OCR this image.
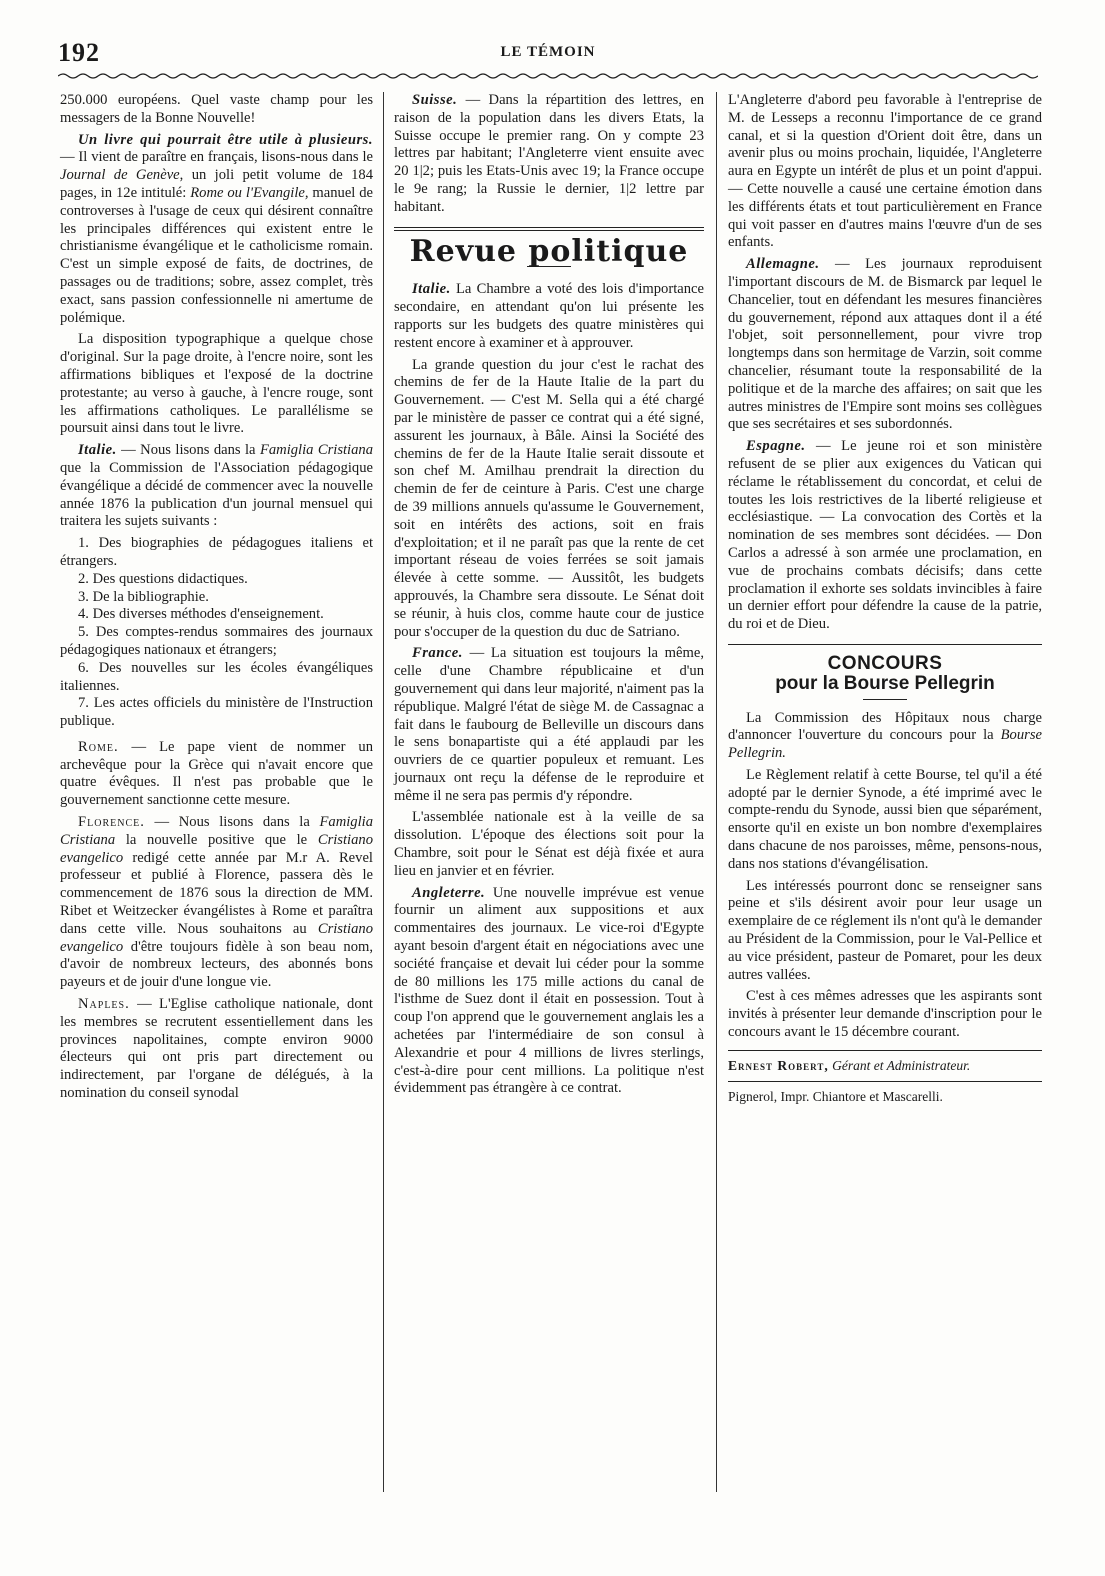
192	LE TÉMOIN

250.000 européens. Quel vaste champ pour les messagers de la Bonne Nouvelle!

Un livre qui pourrait être utile à plusieurs. — Il vient de paraître en français, lisons-nous dans le Journal de Genève, un joli petit volume de 184 pages, in 12e intitulé: Rome ou l'Evangile, manuel de controverses à l'usage de ceux qui désirent connaître les principales différences qui existent entre le christianisme évangélique et le catholicisme romain. C'est un simple exposé de faits, de doctrines, de passages ou de traditions; sobre, assez complet, très exact, sans passion confessionnelle ni amertume de polémique.

La disposition typographique a quelque chose d'original. Sur la page droite, à l'encre noire, sont les affirmations bibliques et l'exposé de la doctrine protestante; au verso à gauche, à l'encre rouge, sont les affirmations catholiques. Le parallélisme se poursuit ainsi dans tout le livre.

Italie. — Nous lisons dans la Famiglia Cristiana que la Commission de l'Association pédagogique évangélique a décidé de commencer avec la nouvelle année 1876 la publication d'un journal mensuel qui traitera les sujets suivants :

1. Des biographies de pédagogues italiens et étrangers.

2. Des questions didactiques.

3. De la bibliographie.

4. Des diverses méthodes d'enseignement.

5. Des comptes-rendus sommaires des journaux pédagogiques nationaux et étrangers;

6. Des nouvelles sur les écoles évangéliques italiennes.

7. Les actes officiels du ministère de l'Instruction publique.

Rome. — Le pape vient de nommer un archevêque pour la Grèce qui n'avait encore que quatre évêques. Il n'est pas probable que le gouvernement sanctionne cette mesure.

Florence. — Nous lisons dans la Famiglia Cristiana la nouvelle positive que le Cristiano evangelico redigé cette année par M.r A. Revel professeur et publié à Florence, passera dès le commencement de 1876 sous la direction de MM. Ribet et Weitzecker évangélistes à Rome et paraîtra dans cette ville. Nous souhaitons au Cristiano evangelico d'être toujours fidèle à son beau nom, d'avoir de nombreux lecteurs, des abonnés bons payeurs et de jouir d'une longue vie.

Naples. — L'Eglise catholique nationale, dont les membres se recrutent essentiellement dans les provinces napolitaines, compte environ 9000 électeurs qui ont pris part directement ou indirectement, par l'organe de délégués, à la nomination du conseil synodal

Suisse. — Dans la répartition des lettres, en raison de la population dans les divers Etats, la Suisse occupe le premier rang. On y compte 23 lettres par habitant; l'Angleterre vient ensuite avec 20 1|2; puis les Etats-Unis avec 19; la France occupe le 9e rang; la Russie le dernier, 1|2 lettre par habitant.

Revue politique

Italie. La Chambre a voté des lois d'importance secondaire, en attendant qu'on lui présente les rapports sur les budgets des quatre ministères qui restent encore à examiner et à approuver.

La grande question du jour c'est le rachat des chemins de fer de la Haute Italie de la part du Gouvernement. — C'est M. Sella qui a été chargé par le ministère de passer ce contrat qui a été signé, assurent les journaux, à Bâle. Ainsi la Société des chemins de fer de la Haute Italie serait dissoute et son chef M. Amilhau prendrait la direction du chemin de fer de ceinture à Paris. C'est une charge de 39 millions annuels qu'assume le Gouvernement, soit en intérêts des actions, soit en frais d'exploitation; et il ne paraît pas que la rente de cet important réseau de voies ferrées se soit jamais élevée à cette somme. — Aussitôt, les budgets approuvés, la Chambre sera dissoute. Le Sénat doit se réunir, à huis clos, comme haute cour de justice pour s'occuper de la question du duc de Satriano.

France. — La situation est toujours la même, celle d'une Chambre républicaine et d'un gouvernement qui dans leur majorité, n'aiment pas la république. Malgré l'état de siège M. de Cassagnac a fait dans le faubourg de Belleville un discours dans le sens bonapartiste qui a été applaudi par les ouvriers de ce quartier populeux et remuant. Les journaux ont reçu la défense de le reproduire et même il ne sera pas permis d'y répondre.

L'assemblée nationale est à la veille de sa dissolution. L'époque des élections soit pour la Chambre, soit pour le Sénat est déjà fixée et aura lieu en janvier et en février.

Angleterre. Une nouvelle imprévue est venue fournir un aliment aux suppositions et aux commentaires des journaux. Le vice-roi d'Egypte ayant besoin d'argent était en négociations avec une société française et devait lui céder pour la somme de 80 millions les 175 mille actions du canal de l'isthme de Suez dont il était en possession. Tout à coup l'on apprend que le gouvernement anglais les a achetées par l'intermédiaire de son consul à Alexandrie et pour 4 millions de livres sterlings, c'est-à-dire pour cent millions. La politique n'est évidemment pas étrangère à ce contrat.

L'Angleterre d'abord peu favorable à l'entreprise de M. de Lesseps a reconnu l'importance de ce grand canal, et si la question d'Orient doit être, dans un avenir plus ou moins prochain, liquidée, l'Angleterre aura en Egypte un intérêt de plus et un point d'appui. — Cette nouvelle a causé une certaine émotion dans les différents états et tout particulièrement en France qui voit passer en d'autres mains l'œuvre d'un de ses enfants.

Allemagne. — Les journaux reproduisent l'important discours de M. de Bismarck par lequel le Chancelier, tout en défendant les mesures financières du gouvernement, répond aux attaques dont il a été l'objet, soit personnellement, pour vivre trop longtemps dans son hermitage de Varzin, soit comme chancelier, résumant toute la responsabilité de la politique et de la marche des affaires; on sait que les autres ministres de l'Empire sont moins ses collègues que ses secrétaires et ses subordonnés.

Espagne. — Le jeune roi et son ministère refusent de se plier aux exigences du Vatican qui réclame le rétablissement du concordat, et celui de toutes les lois restrictives de la liberté religieuse et ecclésiastique. — La convocation des Cortès et la nomination de ses membres sont décidées. — Don Carlos a adressé à son armée une proclamation, en vue de prochains combats décisifs; dans cette proclamation il exhorte ses soldats invincibles à faire un dernier effort pour défendre la cause de la patrie, du roi et de Dieu.

CONCOURS
pour la Bourse Pellegrin

La Commission des Hôpitaux nous charge d'annoncer l'ouverture du concours pour la Bourse Pellegrin.

Le Règlement relatif à cette Bourse, tel qu'il a été adopté par le dernier Synode, a été imprimé avec le compte-rendu du Synode, aussi bien que séparément, ensorte qu'il en existe un bon nombre d'exemplaires dans chacune de nos paroisses, même, pensons-nous, dans nos stations d'évangélisation.

Les intéressés pourront donc se renseigner sans peine et s'ils désirent avoir pour leur usage un exemplaire de ce réglement ils n'ont qu'à le demander au Président de la Commission, pour le Val-Pellice et au vice président, pasteur de Pomaret, pour les deux autres vallées.

C'est à ces mêmes adresses que les aspirants sont invités à présenter leur demande d'inscription pour le concours avant le 15 décembre courant.

Ernest Robert, Gérant et Administrateur.

Pignerol, Impr. Chiantore et Mascarelli.
